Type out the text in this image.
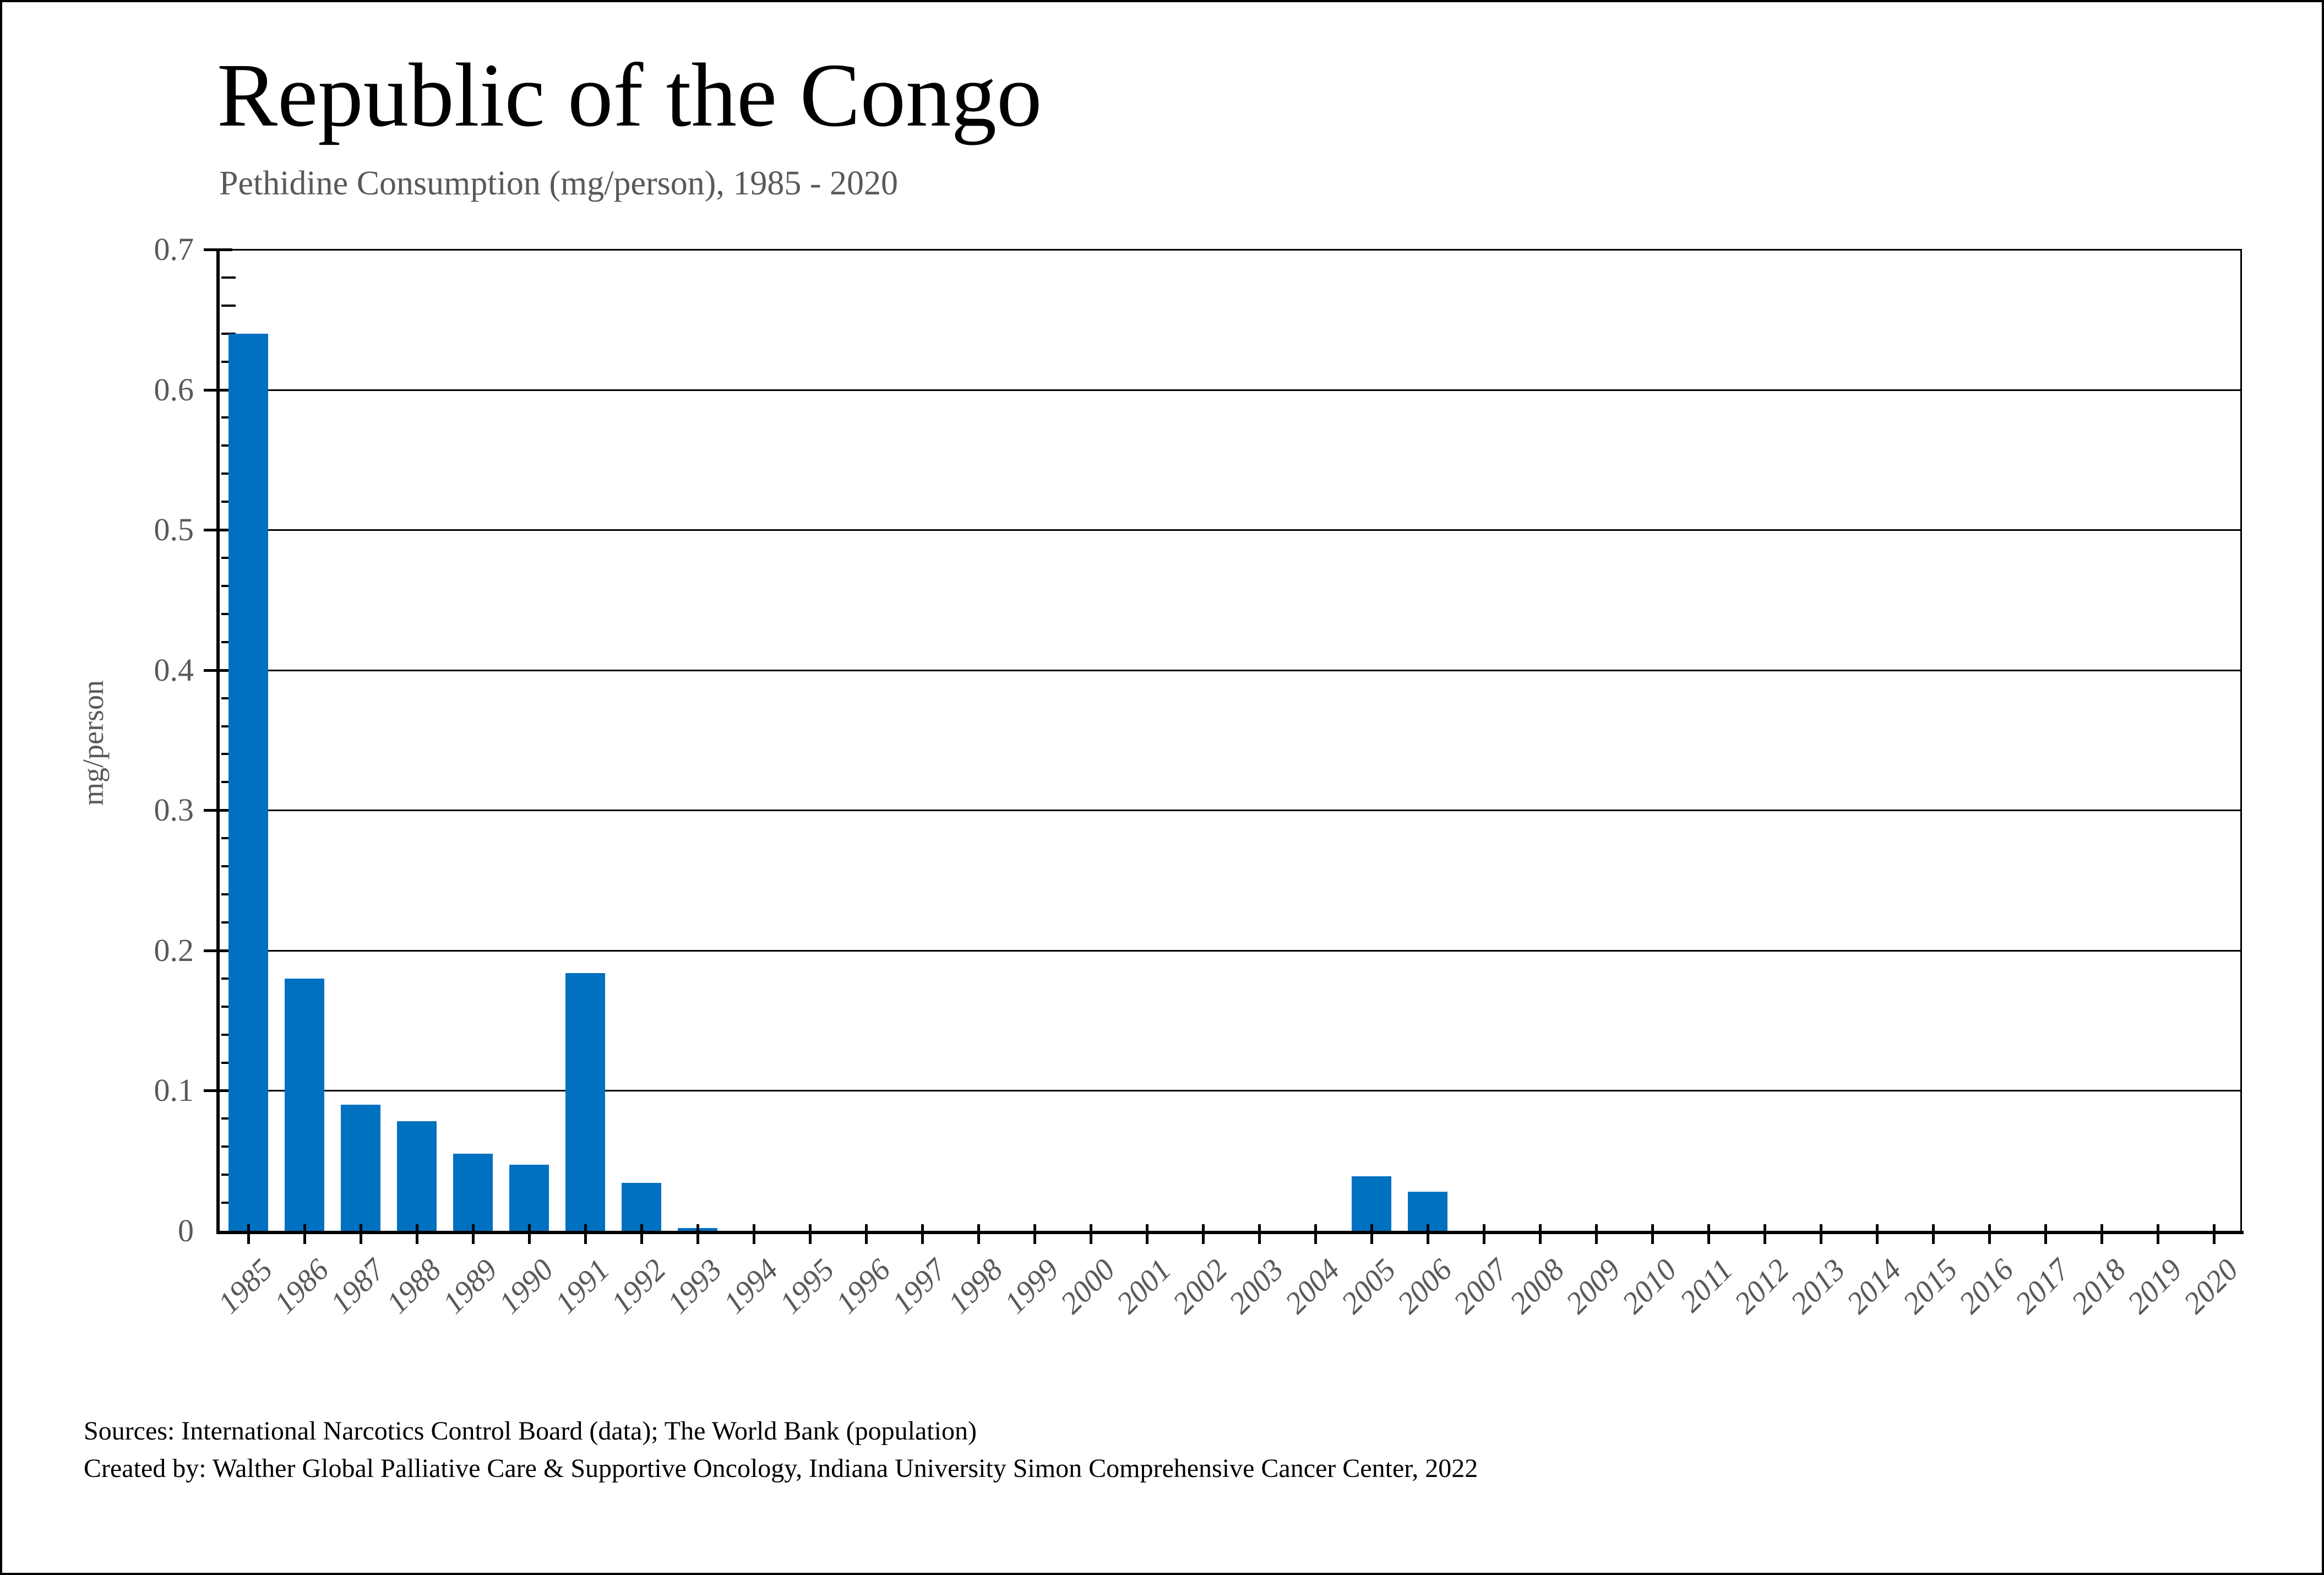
Republic of the Congo
Pethidine Consumption (mg/person), 1985 - 2020
mg/person
0
0.1
0.2
0.3
0.4
0.5
0.6
0.7
1985
1986
1987
1988
1989
1990
1991
1992
1993
1994
1995
1996
1997
1998
1999
2000
2001
2002
2003
2004
2005
2006
2007
2008
2009
2010
2011
2012
2013
2014
2015
2016
2017
2018
2019
2020
Sources: International Narcotics Control Board (data); The World Bank (population)
Created by: Walther Global Palliative Care & Supportive Oncology, Indiana University Simon Comprehensive Cancer Center, 2022
